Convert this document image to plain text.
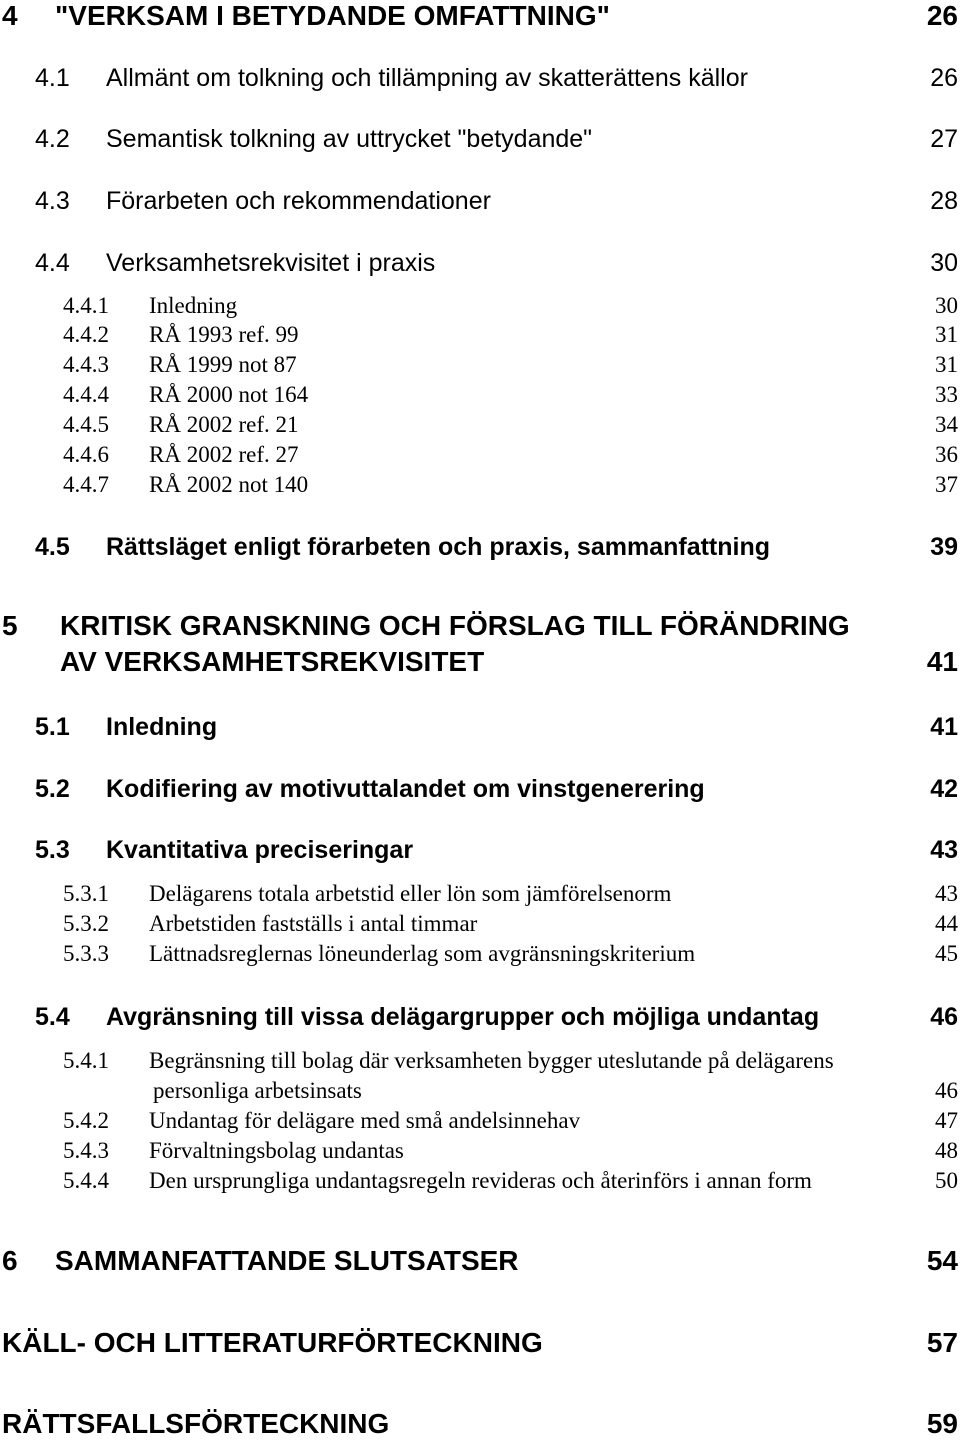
4 "VERKSAM I BETYDANDE OMFATTNING"	26
4.1 Allmänt om tolkning och tillämpning av skatterättens källor	26
4.2 Semantisk tolkning av uttrycket "betydande"	27
4.3 Förarbeten och rekommendationer	28
4.4 Verksamhetsrekvisitet i praxis	30
4.4.1 Inledning	30
4.4.2 RÅ 1993 ref. 99	31
4.4.3 RÅ 1999 not 87	31
4.4.4 RÅ 2000 not 164	33
4.4.5 RÅ 2002 ref. 21	34
4.4.6 RÅ 2002 ref. 27	36
4.4.7 RÅ 2002 not 140	37
4.5 Rättsläget enligt förarbeten och praxis, sammanfattning	39
5 KRITISK GRANSKNING OCH FÖRSLAG TILL FÖRÄNDRING
AV VERKSAMHETSREKVISITET	41
5.1 Inledning	41
5.2 Kodifiering av motivuttalandet om vinstgenerering	42
5.3 Kvantitativa preciseringar	43
5.3.1 Delägarens totala arbetstid eller lön som jämförelsenorm	43
5.3.2 Arbetstiden fastställs i antal timmar	44
5.3.3 Lättnadsreglernas löneunderlag som avgränsningskriterium	45
5.4 Avgränsning till vissa delägargrupper och möjliga undantag	46
5.4.1 Begränsning till bolag där verksamheten bygger uteslutande på delägarens
personliga arbetsinsats	46
5.4.2 Undantag för delägare med små andelsinnehav	47
5.4.3 Förvaltningsbolag undantas	48
5.4.4 Den ursprungliga undantagsregeln revideras och återinförs i annan form	50
6 SAMMANFATTANDE SLUTSATSER	54
KÄLL- OCH LITTERATURFÖRTECKNING	57
RÄTTSFALLSFÖRTECKNING	59
